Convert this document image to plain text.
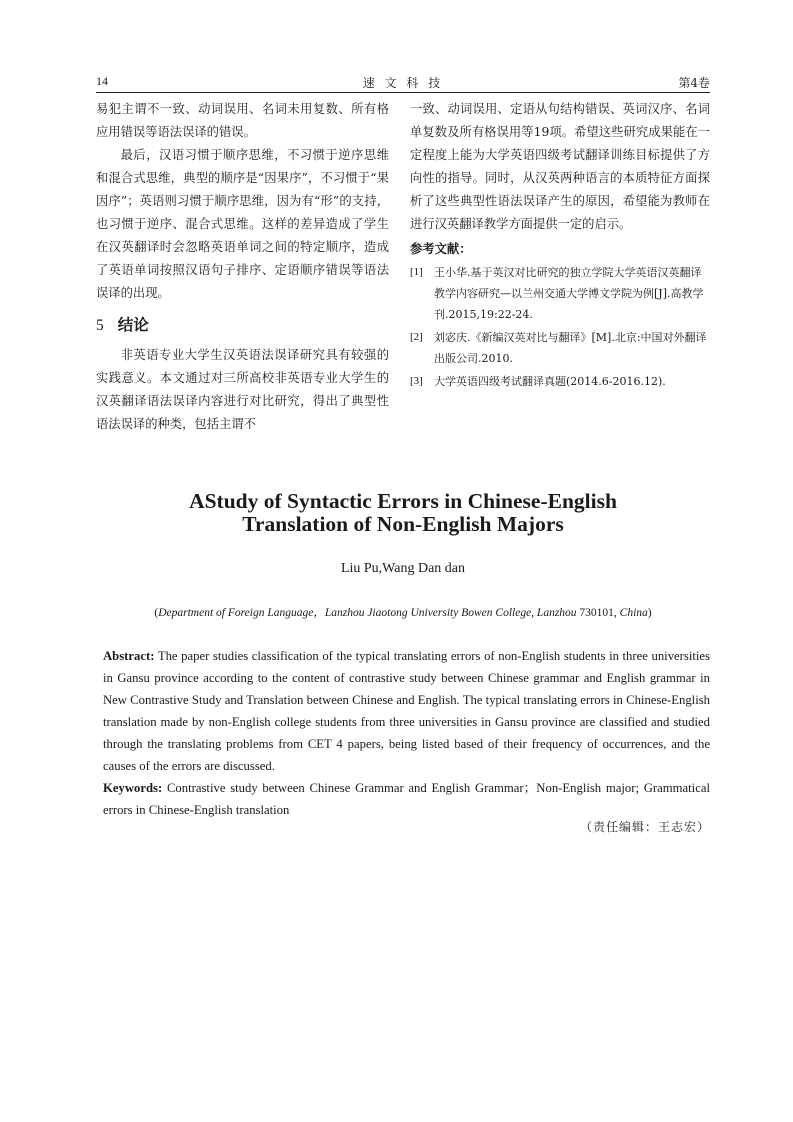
14	速 文 科 技	第4卷

易犯主谓不一致、动词误用、名词未用复数、所有格应用错误等语法误译的错误。

最后，汉语习惯于顺序思维，不习惯于逆序思维和混合式思维，典型的顺序是“因果序”，不习惯于“果因序”；英语则习惯于顺序思维，因为有“形”的支持，也习惯于逆序、混合式思维。这样的差异造成了学生在汉英翻译时会忽略英语单词之间的特定顺序，造成了英语单词按照汉语句子排序、定语顺序错误等语法误译的出现。

5 结论

非英语专业大学生汉英语法误译研究具有较强的实践意义。本文通过对三所高校非英语专业大学生的汉英翻译语法误译内容进行对比研究，得出了典型性语法误译的种类，包括主谓不

一致、动词误用、定语从句结构错误、英词汉序、名词单复数及所有格误用等19项。希望这些研究成果能在一定程度上能为大学英语四级考试翻译训练目标提供了方向性的指导。同时，从汉英两种语言的本质特征方面探析了这些典型性语法误译产生的原因，希望能为教师在进行汉英翻译教学方面提供一定的启示。

参考文献：
[1] 王小华.基于英汉对比研究的独立学院大学英语汉英翻译教学内容研究—以兰州交通大学博文学院为例[J].高教学刊.2015,19:22-24.
[2] 刘宓庆.《新编汉英对比与翻译》[M].北京:中国对外翻译出版公司.2010.
[3] 大学英语四级考试翻译真题(2014.6-2016.12).
AStudy of Syntactic Errors in Chinese-English
Translation of Non-English Majors
Liu Pu,Wang Dan dan
(Department of Foreign Language，Lanzhou Jiaotong University Bowen College, Lanzhou 730101, China)

Abstract: The paper studies classification of the typical translating errors of non-English students in three universities in Gansu province according to the content of contrastive study between Chinese grammar and English grammar in New Contrastive Study and Translation between Chinese and English. The typical translating errors in Chinese-English translation made by non-English college students from three universities in Gansu province are classified and studied through the translating problems from CET 4 papers, being listed based of their frequency of occurrences, and the causes of the errors are discussed.

Keywords: Contrastive study between Chinese Grammar and English Grammar；Non-English major; Grammatical errors in Chinese-English translation

（责任编辑：王志宏）
